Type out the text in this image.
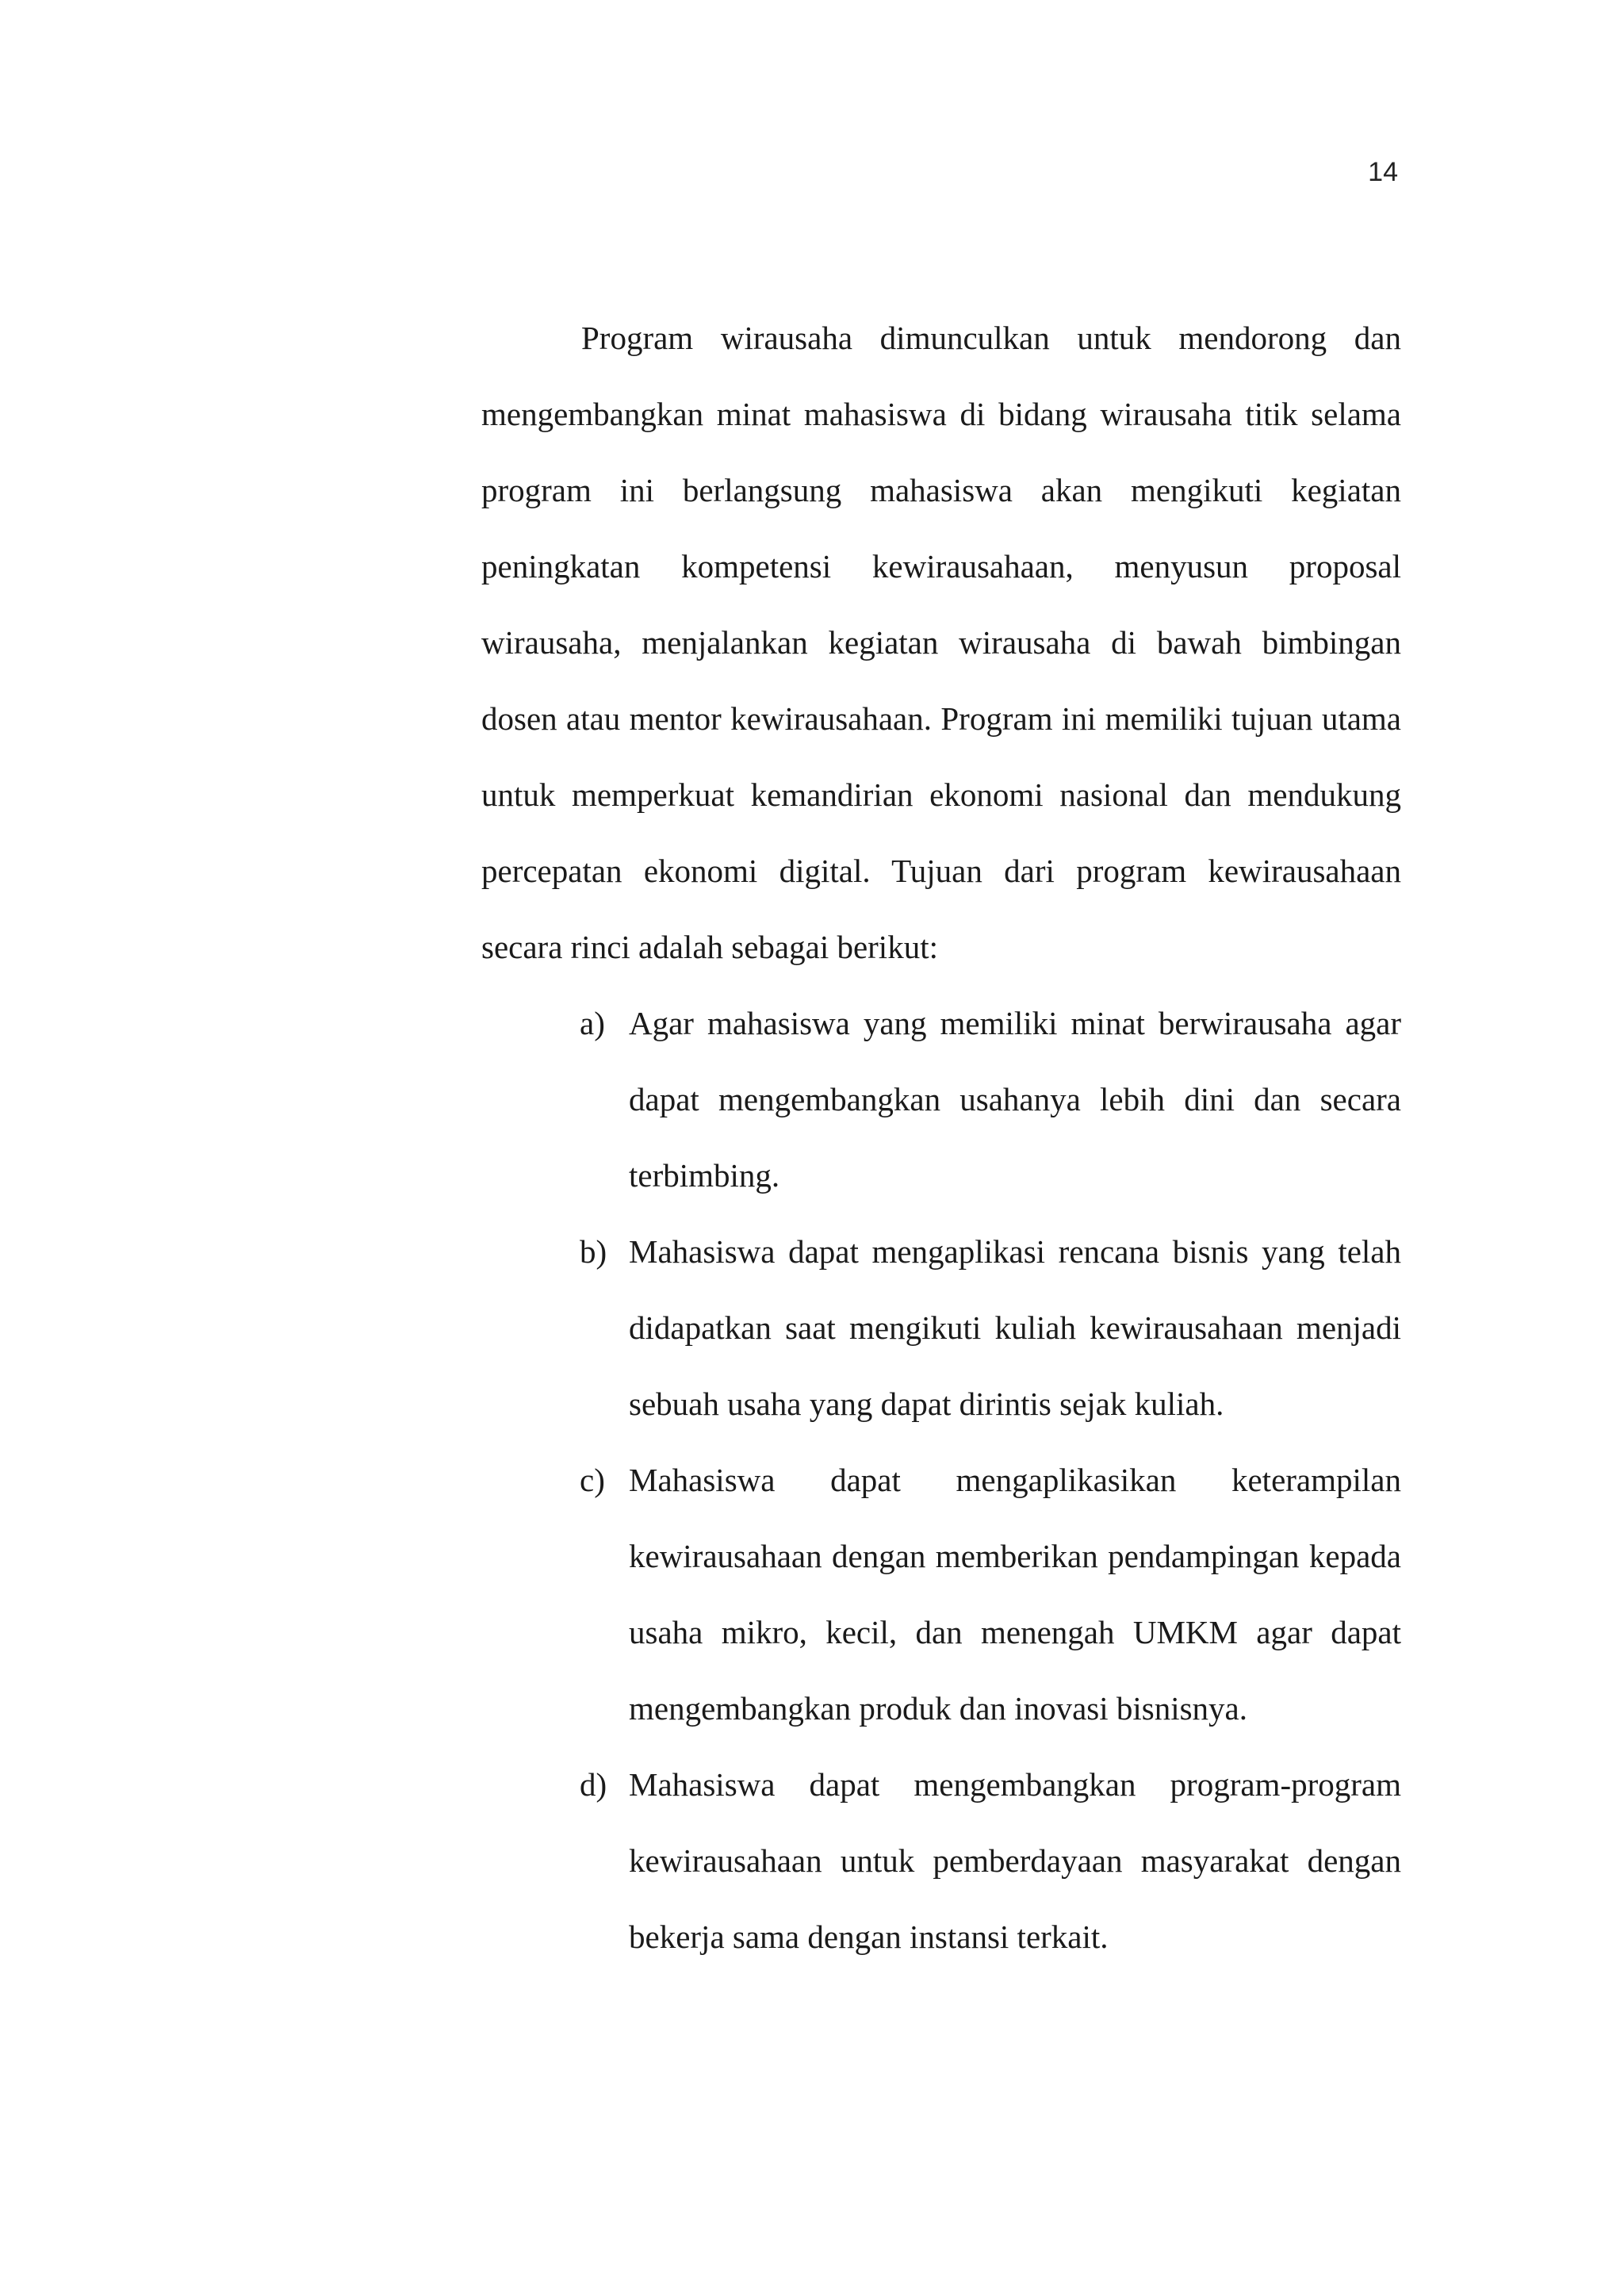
14

Program wirausaha dimunculkan untuk mendorong dan mengembangkan minat mahasiswa di bidang wirausaha titik selama program ini berlangsung mahasiswa akan mengikuti kegiatan peningkatan kompetensi kewirausahaan, menyusun proposal wirausaha, menjalankan kegiatan wirausaha di bawah bimbingan dosen atau mentor kewirausahaan. Program ini memiliki tujuan utama untuk memperkuat kemandirian ekonomi nasional dan mendukung percepatan ekonomi digital. Tujuan dari program kewirausahaan secara rinci adalah sebagai berikut:

a) Agar mahasiswa yang memiliki minat berwirausaha agar dapat mengembangkan usahanya lebih dini dan secara terbimbing.
b) Mahasiswa dapat mengaplikasi rencana bisnis yang telah didapatkan saat mengikuti kuliah kewirausahaan menjadi sebuah usaha yang dapat dirintis sejak kuliah.
c) Mahasiswa dapat mengaplikasikan keterampilan kewirausahaan dengan memberikan pendampingan kepada usaha mikro, kecil, dan menengah UMKM agar dapat mengembangkan produk dan inovasi bisnisnya.
d) Mahasiswa dapat mengembangkan program-program kewirausahaan untuk pemberdayaan masyarakat dengan bekerja sama dengan instansi terkait.
